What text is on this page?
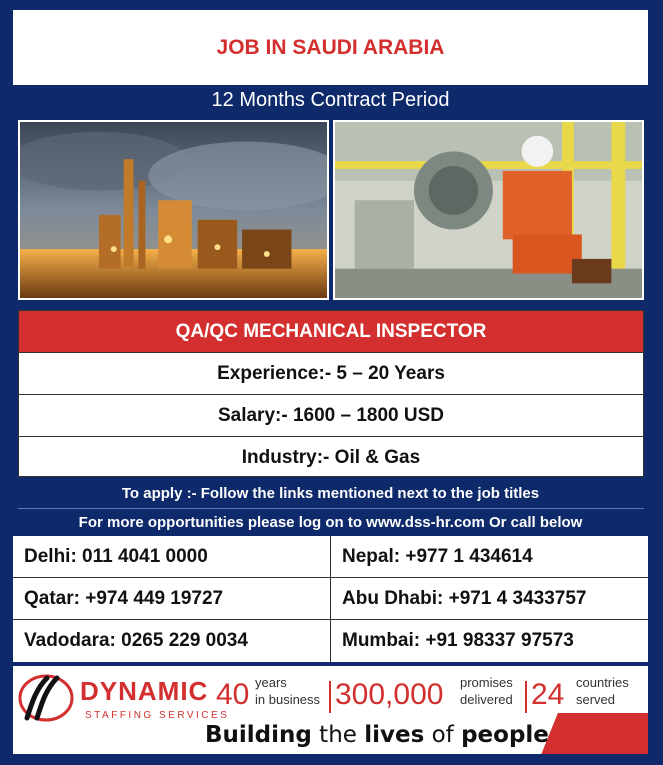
JOB IN SAUDI ARABIA
12 Months Contract Period
QA/QC MECHANICAL INSPECTOR
Experience:- 5 – 20 Years
Salary:- 1600 – 1800 USD
Industry:- Oil & Gas
To apply :- Follow the links mentioned next to the job titles
For more opportunities please log on to www.dss-hr.com Or call below
Delhi: 011 4041 0000	Nepal: +977 1 434614
Qatar: +974 449 19727	Abu Dhabi: +971 4 3433757
Vadodara: 0265 229 0034	Mumbai: +91 98337 97573
DYNAMIC
STAFFING SERVICES
40 years
in business 300,000 promises
delivered 24 countries
served
Building the lives of people
